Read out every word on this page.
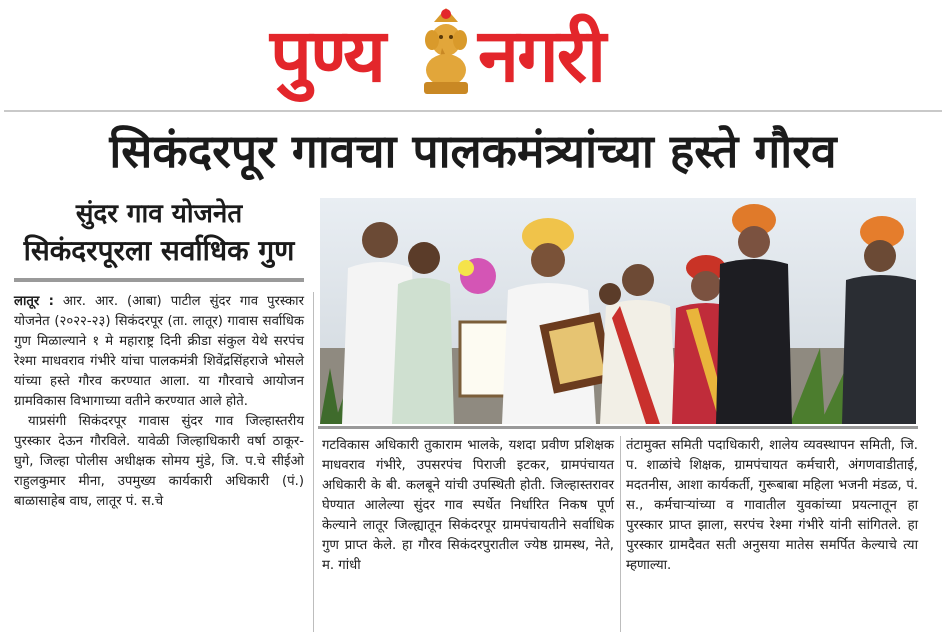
पुण्य नगरी
सिकंदरपूर गावचा पालकमंत्र्यांच्या हस्ते गौरव
सुंदर गाव योजनेत
सिकंदरपूरला सर्वाधिक गुण

लातूर : आर. आर. (आबा) पाटील सुंदर गाव पुरस्कार योजनेत (२०२२-२३) सिकंदरपूर (ता. लातूर) गावास सर्वाधिक गुण मिळाल्याने १ मे महाराष्ट्र दिनी क्रीडा संकुल येथे सरपंच रेश्मा माधवराव गंभीरे यांचा पालकमंत्री शिवेंद्रसिंहराजे भोसले यांच्या हस्ते गौरव करण्यात आला. या गौरवाचे आयोजन ग्रामविकास विभागाच्या वतीने करण्यात आले होते.

याप्रसंगी सिकंदरपूर गावास सुंदर गाव जिल्हास्तरीय पुरस्कार देऊन गौरविले. यावेळी जिल्हाधिकारी वर्षा ठाकूर-घुगे, जिल्हा पोलीस अधीक्षक सोमय मुंडे, जि. प.चे सीईओ राहुलकुमार मीना, उपमुख्य कार्यकारी अधिकारी (पं.) बाळासाहेब वाघ, लातूर पं. स.चे

गटविकास अधिकारी तुकाराम भालके, यशदा प्रवीण प्रशिक्षक माधवराव गंभीरे, उपसरपंच पिराजी इटकर, ग्रामपंचायत अधिकारी के बी. कलबूने यांची उपस्थिती होती. जिल्हास्तरावर घेण्यात आलेल्या सुंदर गाव स्पर्धेत निर्धारित निकष पूर्ण केल्याने लातूर जिल्ह्यातून सिकंदरपूर ग्रामपंचायतीने सर्वाधिक गुण प्राप्त केले. हा गौरव सिकंदरपुरातील ज्येष्ठ ग्रामस्थ, नेते, म. गांधी

तंटामुक्त समिती पदाधिकारी, शालेय व्यवस्थापन समिती, जि. प. शाळांचे शिक्षक, ग्रामपंचायत कर्मचारी, अंगणवाडीताई, मदतनीस, आशा कार्यकर्ती, गुरूबाबा महिला भजनी मंडळ, पं. स., कर्मचाऱ्यांच्या व गावातील युवकांच्या प्रयत्नातून हा पुरस्कार प्राप्त झाला, सरपंच रेश्मा गंभीरे यांनी सांगितले. हा पुरस्कार ग्रामदैवत सती अनुसया मातेस समर्पित केल्याचे त्या म्हणाल्या.
